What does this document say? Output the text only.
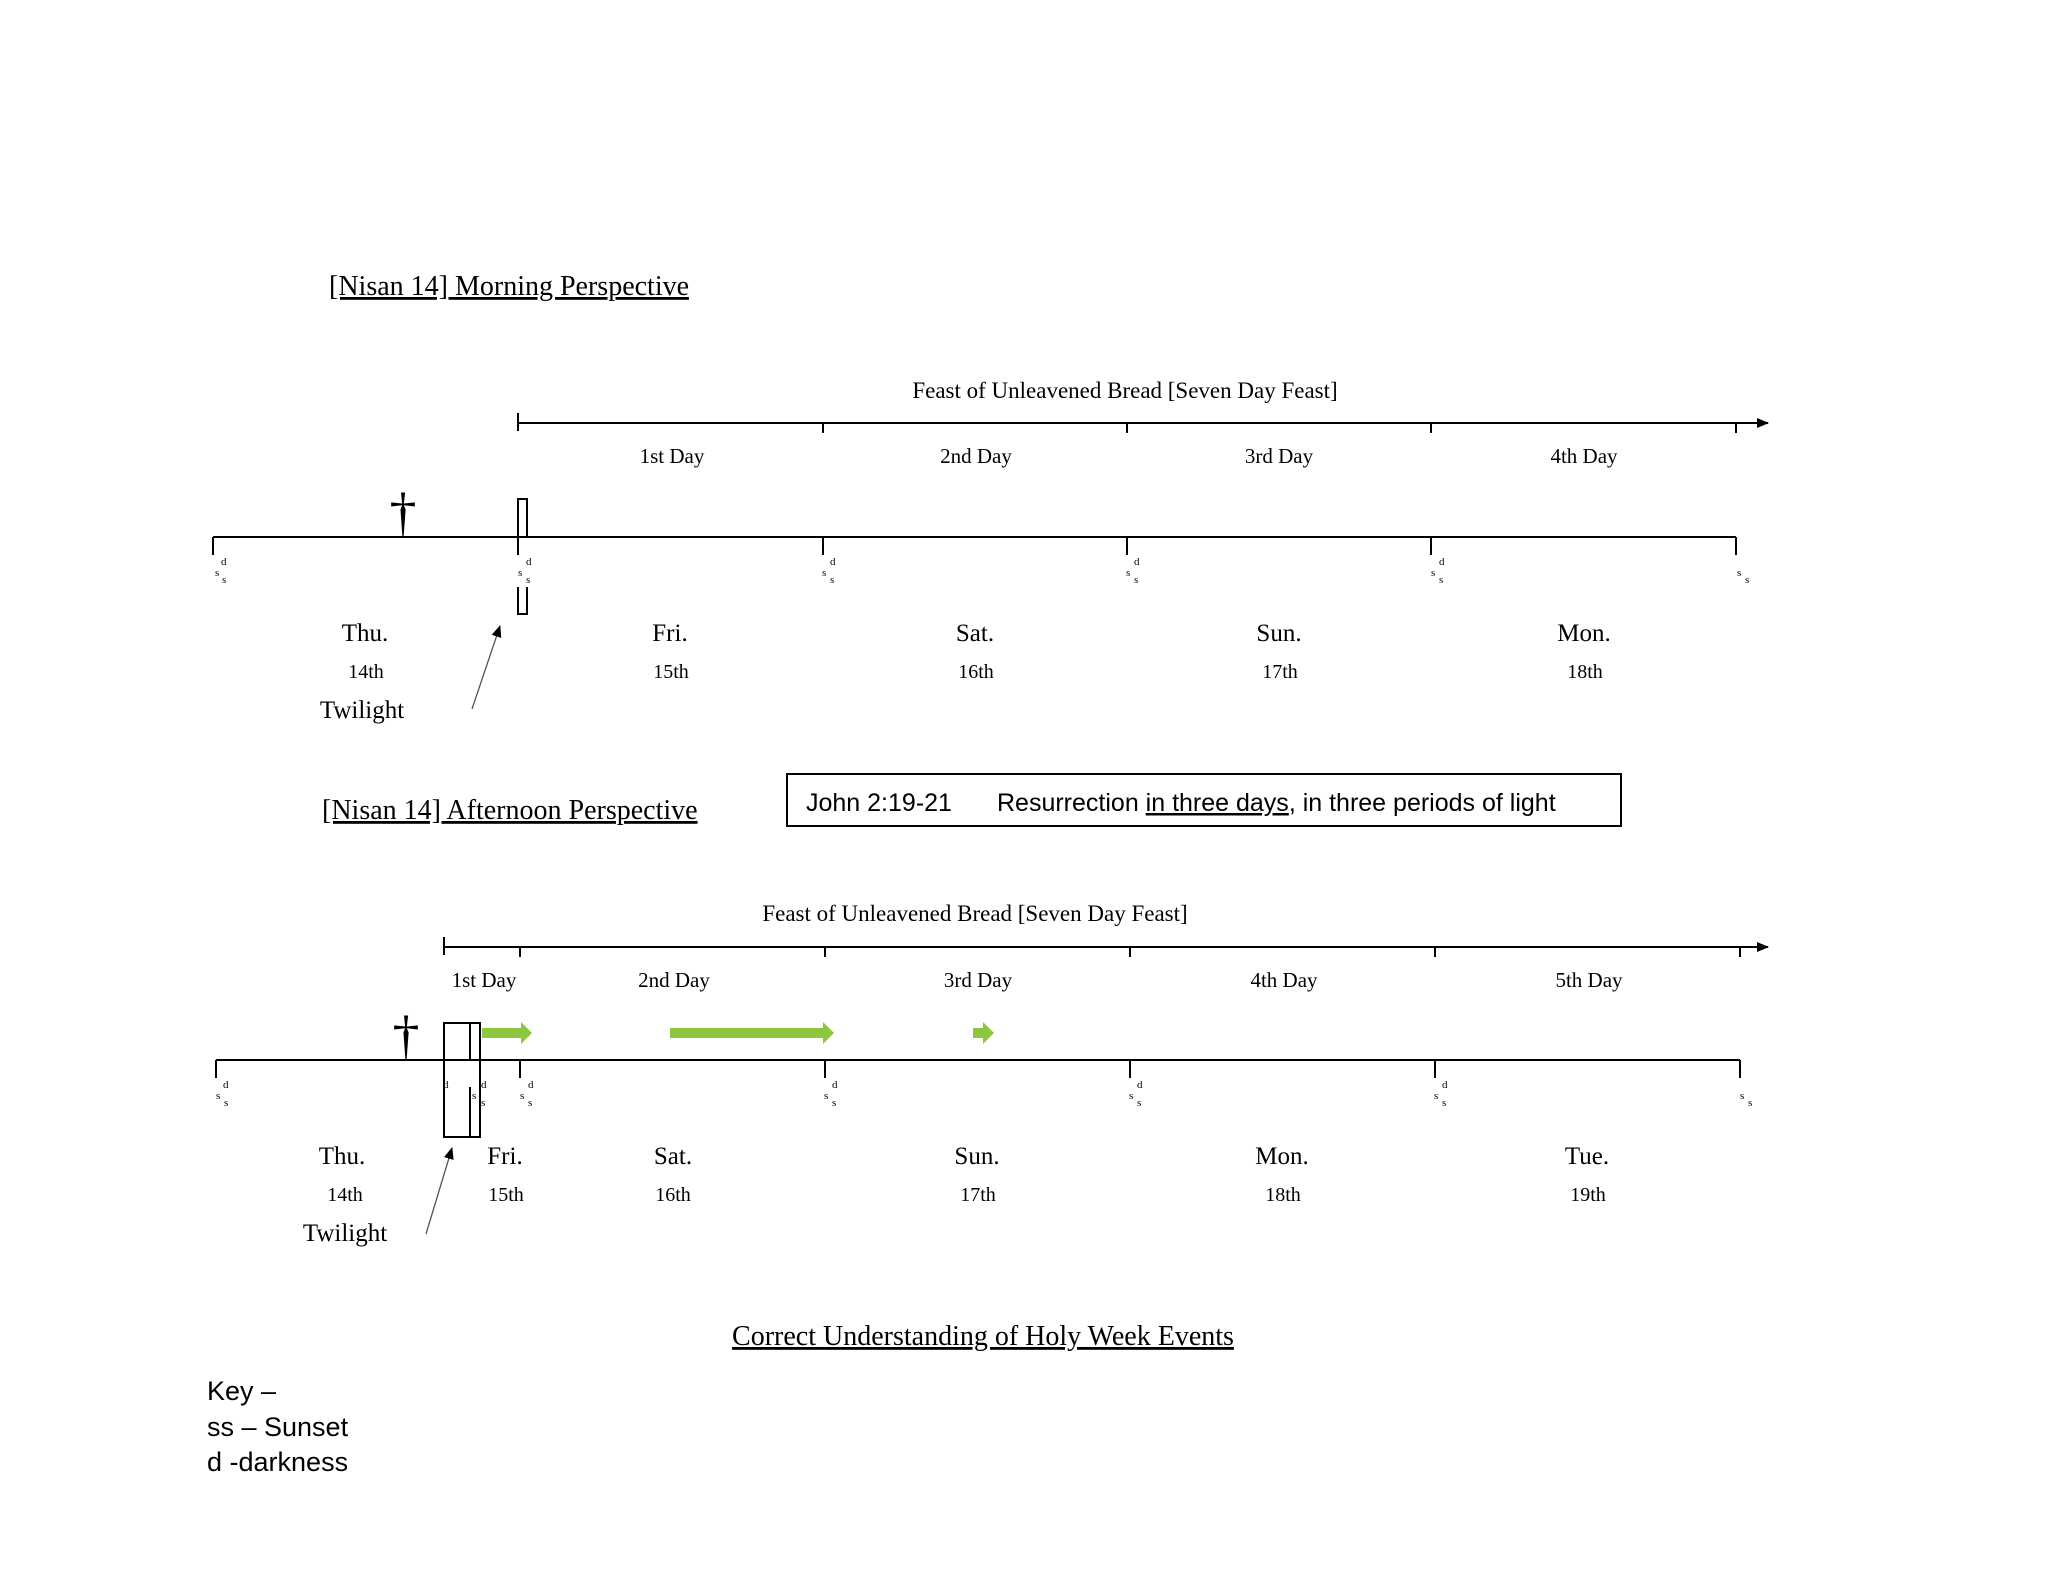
[Nisan 14] Morning Perspective
Feast of Unleavened Bread [Seven Day Feast]
1st Day	2nd Day	3rd Day	4th Day
†
d
s
s
d
s
s
d
s
s
d
s
s
d
s
s
s
s
Thu.	Fri.	Sat.	Sun.	Mon.
14th	15th	16th	17th	18th
Twilight
John 2:19-21 Resurrection in three days, in three periods of light
[Nisan 14] Afternoon Perspective
Feast of Unleavened Bread [Seven Day Feast]
1st Day	2nd Day	3rd Day	4th Day	5th Day
†
d
s
s
d
s
d
s
d
s
s
d
s
s
d
s
s
d
s
s
s
s
Thu.	Fri.	Sat.	Sun.	Mon.	Tue.
14th	15th	16th	17th	18th	19th
Twilight
Correct Understanding of Holy Week Events
Key –
ss – Sunset
d -darkness
